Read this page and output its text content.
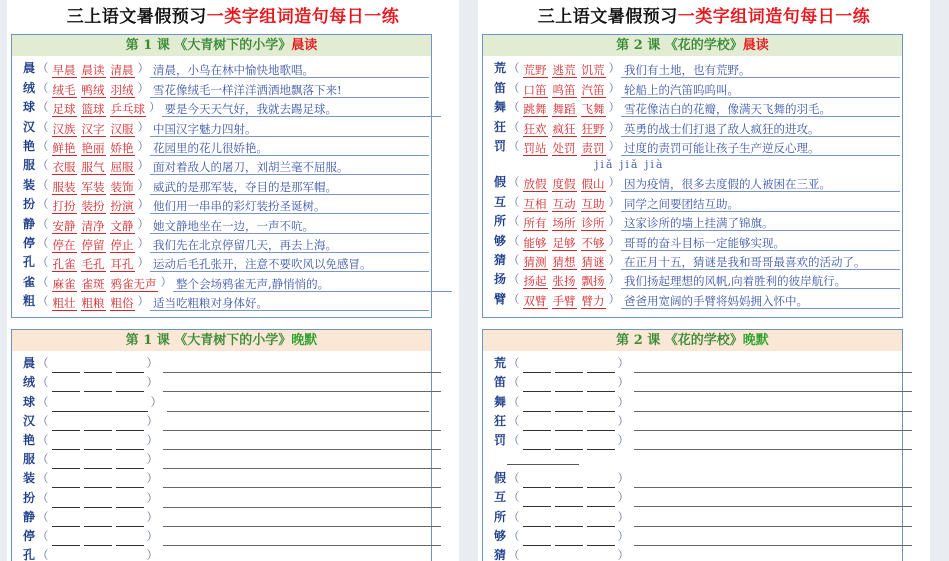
三上语文暑假预习一类字组词造句每日一练
第 1 课 《大青树下的小学》晨读
晨 （ 早晨 晨读 清晨 ） 清晨，小鸟在林中愉快地歌唱。
绒 （ 绒毛 鸭绒 羽绒 ） 雪花像绒毛一样洋洋洒洒地飘落下来!
球 （ 足球 篮球 乒乓球 ） 要是今天天气好，我就去踢足球。
汉 （ 汉族 汉字 汉服 ） 中国汉字魅力四射。
艳 （ 鲜艳 艳丽 娇艳 ） 花园里的花儿很娇艳。
服 （ 衣服 服气 屈服 ） 面对着敌人的屠刀，刘胡兰毫不屈服。
装 （ 服装 军装 装饰 ） 威武的是那军装，夺目的是那军帽。
扮 （ 打扮 装扮 扮演 ） 他们用一串串的彩灯装扮圣诞树。
静 （ 安静 清净 文静 ） 她文静地坐在一边，一声不吭。
停 （ 停在 停留 停止 ） 我们先在北京停留几天，再去上海。
孔 （ 孔雀 毛孔 耳孔 ） 运动后毛孔张开，注意不要吹风以免感冒。
雀 （ 麻雀 雀斑 鸦雀无声 ） 整个会场鸦雀无声,静悄悄的。
粗 （ 粗壮 粗粮 粗俗 ） 适当吃粗粮对身体好。
第 1 课 《大青树下的小学》晚默
晨 （	）
绒 （	）
球 （	）
汉 （	）
艳 （	）
服 （	）
装 （	）
扮 （	）
静 （	）
停 （	）
孔 （	）
三上语文暑假预习一类字组词造句每日一练
第 2 课 《花的学校》晨读
荒 （ 荒野 逃荒 饥荒 ） 我们有土地，也有荒野。
笛 （ 口笛 鸣笛 汽笛 ） 轮船上的汽笛呜呜叫。
舞 （ 跳舞 舞蹈 飞舞 ） 雪花像洁白的花瓣，像满天飞舞的羽毛。
狂 （ 狂欢 疯狂 狂野 ） 英勇的战士们打退了敌人疯狂的进攻。
罚 （ 罚站 处罚 责罚 ） 过度的责罚可能让孩子生产逆反心理。
jiǎ jiǎ jià
假 （ 放假 度假 假山 ） 因为疫情，很多去度假的人被困在三亚。
互 （ 互相 互动 互助 ） 同学之间要团结互助。
所 （ 所有 场所 诊所 ） 这家诊所的墙上挂满了锦旗。
够 （ 能够 足够 不够 ） 哥哥的奋斗目标一定能够实现。
猜 （ 猜测 猜想 猜谜 ） 在正月十五，猜谜是我和哥哥最喜欢的活动了。
扬 （ 扬起 张扬 飘扬 ） 我们扬起理想的风帆,向着胜利的彼岸航行。
臂 （ 双臂 手臂 臂力 ） 爸爸用宽阔的手臂将妈妈拥入怀中。
第 2 课 《花的学校》晚默
荒 （	）
笛 （	）
舞 （	）
狂 （	）
罚 （	）
假 （	）
互 （	）
所 （	）
够 （	）
猜 （	）
